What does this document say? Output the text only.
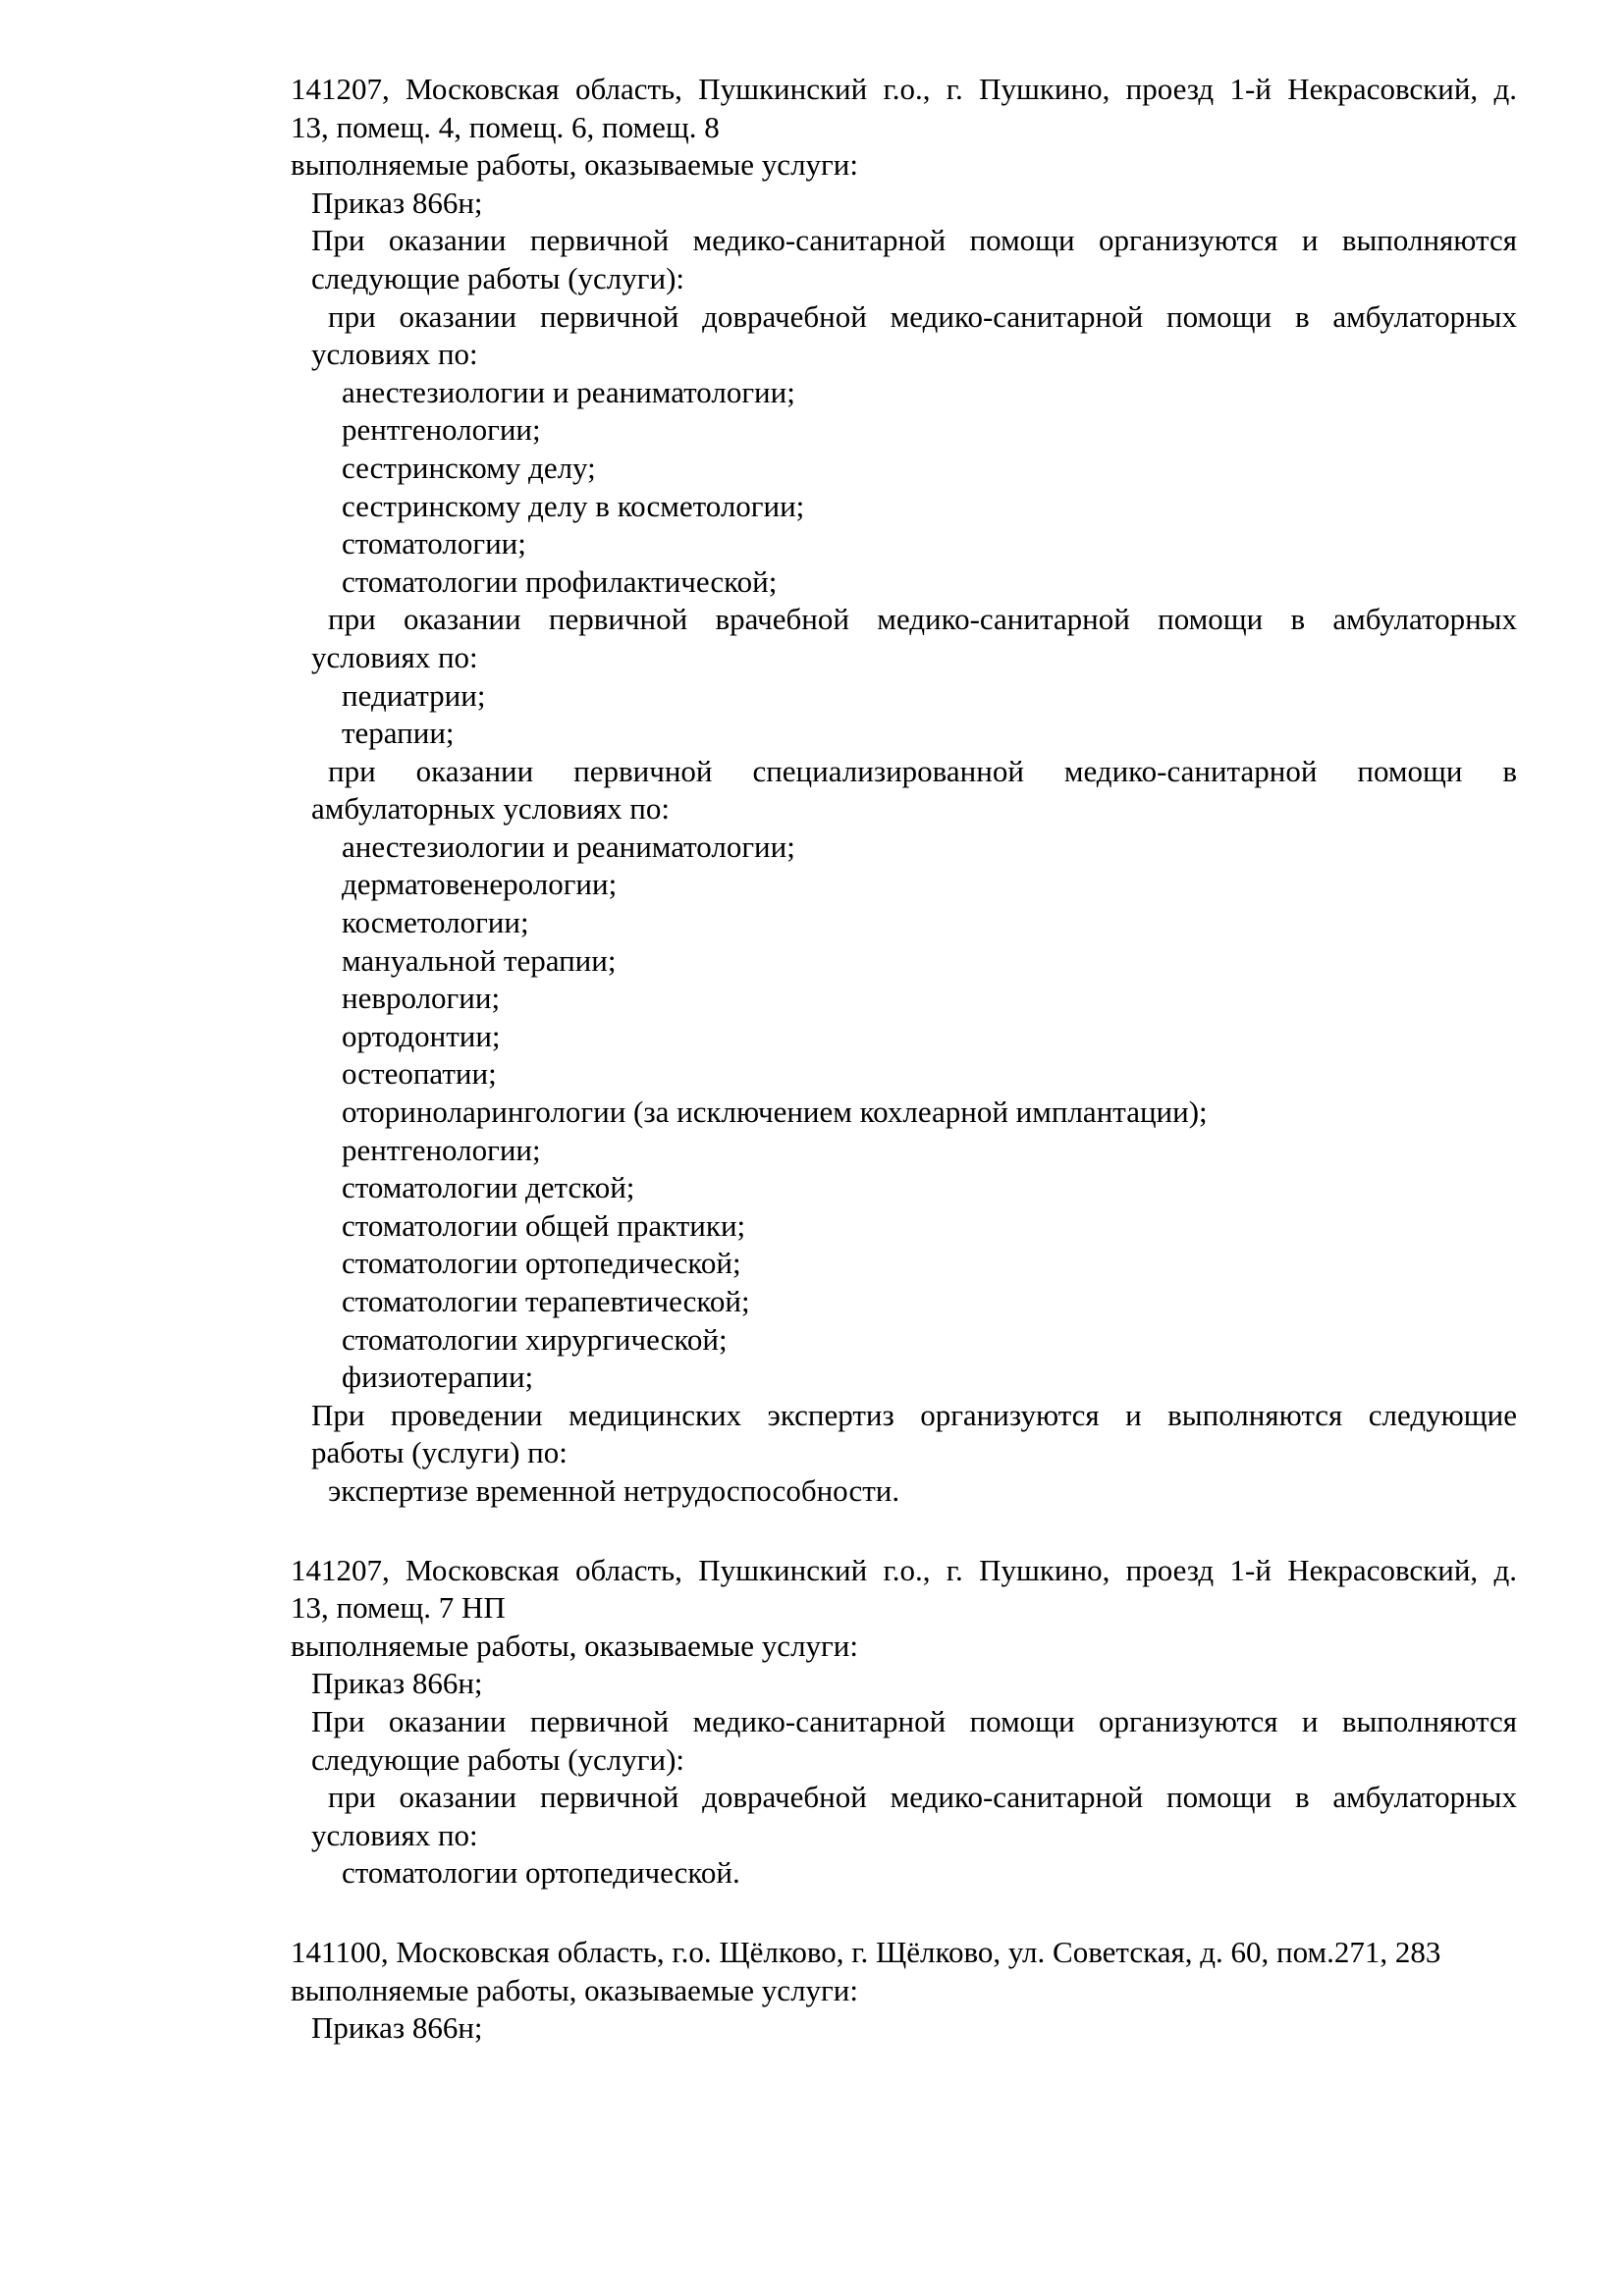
141207, Московская область, Пушкинский г.о., г. Пушкино, проезд 1-й Некрасовский, д.
13, помещ. 4, помещ. 6, помещ. 8
выполняемые работы, оказываемые услуги:
Приказ 866н;
При оказании первичной медико-санитарной помощи организуются и выполняются
следующие работы (услуги):
при оказании первичной доврачебной медико-санитарной помощи в амбулаторных
условиях по:
анестезиологии и реаниматологии;
рентгенологии;
сестринскому делу;
сестринскому делу в косметологии;
стоматологии;
стоматологии профилактической;
при оказании первичной врачебной медико-санитарной помощи в амбулаторных
условиях по:
педиатрии;
терапии;
при оказании первичной специализированной медико-санитарной помощи в
амбулаторных условиях по:
анестезиологии и реаниматологии;
дерматовенерологии;
косметологии;
мануальной терапии;
неврологии;
ортодонтии;
остеопатии;
оториноларингологии (за исключением кохлеарной имплантации);
рентгенологии;
стоматологии детской;
стоматологии общей практики;
стоматологии ортопедической;
стоматологии терапевтической;
стоматологии хирургической;
физиотерапии;
При проведении медицинских экспертиз организуются и выполняются следующие
работы (услуги) по:
экспертизе временной нетрудоспособности.
141207, Московская область, Пушкинский г.о., г. Пушкино, проезд 1-й Некрасовский, д.
13, помещ. 7 НП
выполняемые работы, оказываемые услуги:
Приказ 866н;
При оказании первичной медико-санитарной помощи организуются и выполняются
следующие работы (услуги):
при оказании первичной доврачебной медико-санитарной помощи в амбулаторных
условиях по:
стоматологии ортопедической.
141100, Московская область, г.о. Щёлково, г. Щёлково, ул. Советская, д. 60, пом.271, 283
выполняемые работы, оказываемые услуги:
Приказ 866н;
